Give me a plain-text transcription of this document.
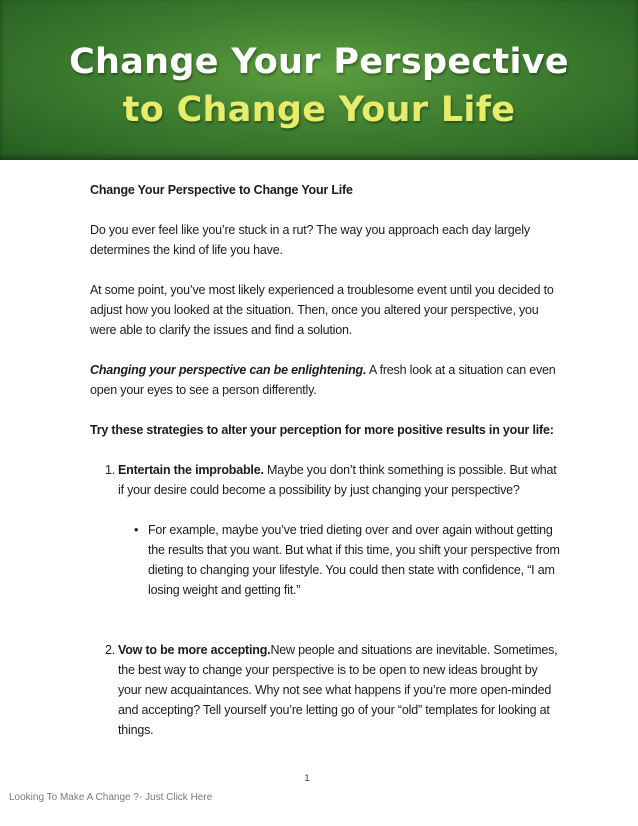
Change Your Perspective
to Change Your Life

Change Your Perspective to Change Your Life

Do you ever feel like you’re stuck in a rut? The way you approach each day largely determines the kind of life you have.

At some point, you’ve most likely experienced a troublesome event until you decided to adjust how you looked at the situation. Then, once you altered your perspective, you were able to clarify the issues and find a solution.

Changing your perspective can be enlightening. A fresh look at a situation can even open your eyes to see a person differently.

Try these strategies to alter your perception for more positive results in your life:

1. Entertain the improbable. Maybe you don’t think something is possible. But what if your desire could become a possibility by just changing your perspective?

• For example, maybe you’ve tried dieting over and over again without getting the results that you want. But what if this time, you shift your perspective from dieting to changing your lifestyle. You could then state with confidence, “I am losing weight and getting fit.”

2. Vow to be more accepting.New people and situations are inevitable. Sometimes, the best way to change your perspective is to be open to new ideas brought by your new acquaintances. Why not see what happens if you’re more open-minded and accepting? Tell yourself you’re letting go of your “old” templates for looking at things.

1
Looking To Make A Change ?- Just Click Here
